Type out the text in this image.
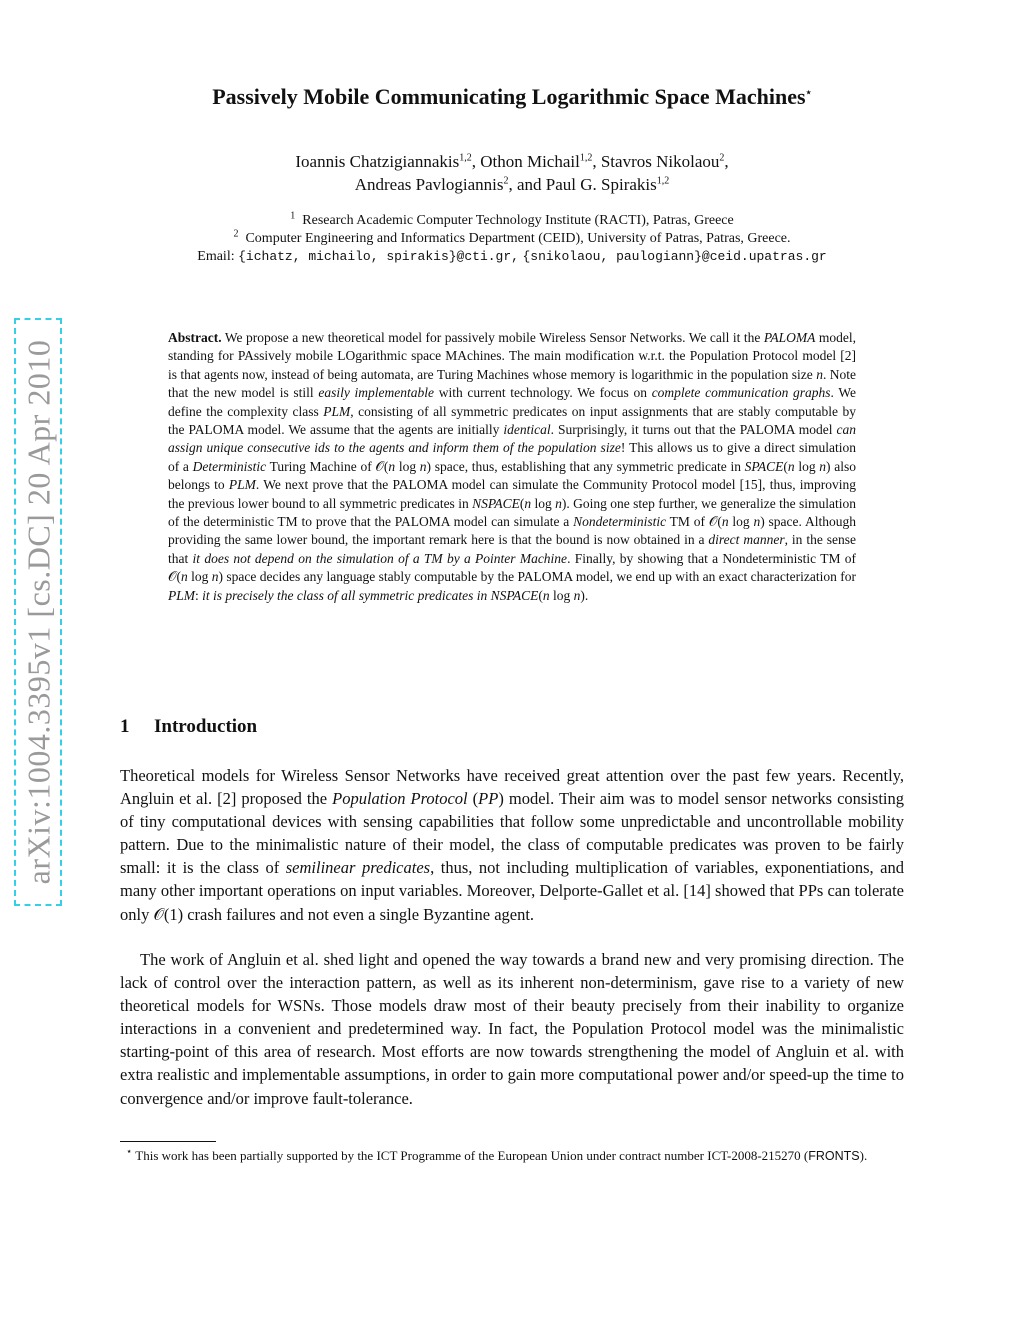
arXiv:1004.3395v1 [cs.DC] 20 Apr 2010
Passively Mobile Communicating Logarithmic Space Machines⋆
Ioannis Chatzigiannakis$^{1,2}$, Othon Michail$^{1,2}$, Stavros Nikolaou$^2$,
Andreas Pavlogiannis$^2$, and Paul G. Spirakis$^{1,2}$
$^1$ Research Academic Computer Technology Institute (RACTI), Patras, Greece
$^2$ Computer Engineering and Informatics Department (CEID), University of Patras, Patras, Greece.
Email: {ichatz, michailo, spirakis}@cti.gr, {snikolaou, paulogiann}@ceid.upatras.gr
Abstract. We propose a new theoretical model for passively mobile Wireless Sensor Networks. We call it the PALOMA model, standing for PAssively mobile LOgarithmic space MAchines. The main modification w.r.t. the Population Protocol model [2] is that agents now, instead of being automata, are Turing Machines whose memory is logarithmic in the population size n. Note that the new model is still easily implementable with current technology. We focus on complete communication graphs. We define the complexity class PLM, consisting of all symmetric predicates on input assignments that are stably computable by the PALOMA model. We assume that the agents are initially identical. Surprisingly, it turns out that the PALOMA model can assign unique consecutive ids to the agents and inform them of the population size! This allows us to give a direct simulation of a Deterministic Turing Machine of 𝒪(n log n) space, thus, establishing that any symmetric predicate in SPACE(n log n) also belongs to PLM. We next prove that the PALOMA model can simulate the Community Protocol model [15], thus, improving the previous lower bound to all symmetric predicates in NSPACE(n log n). Going one step further, we generalize the simulation of the deterministic TM to prove that the PALOMA model can simulate a Nondeterministic TM of 𝒪(n log n) space. Although providing the same lower bound, the important remark here is that the bound is now obtained in a direct manner, in the sense that it does not depend on the simulation of a TM by a Pointer Machine. Finally, by showing that a Nondeterministic TM of 𝒪(n log n) space decides any language stably computable by the PALOMA model, we end up with an exact characterization for PLM: it is precisely the class of all symmetric predicates in NSPACE(n log n).
1 Introduction
Theoretical models for Wireless Sensor Networks have received great attention over the past few years. Recently, Angluin et al. [2] proposed the Population Protocol (PP) model. Their aim was to model sensor networks consisting of tiny computational devices with sensing capabilities that follow some unpredictable and uncontrollable mobility pattern. Due to the minimalistic nature of their model, the class of computable predicates was proven to be fairly small: it is the class of semilinear predicates, thus, not including multiplication of variables, exponentiations, and many other important operations on input variables. Moreover, Delporte-Gallet et al. [14] showed that PPs can tolerate only 𝒪(1) crash failures and not even a single Byzantine agent.
The work of Angluin et al. shed light and opened the way towards a brand new and very promising direction. The lack of control over the interaction pattern, as well as its inherent non-determinism, gave rise to a variety of new theoretical models for WSNs. Those models draw most of their beauty precisely from their inability to organize interactions in a convenient and predetermined way. In fact, the Population Protocol model was the minimalistic starting-point of this area of research. Most efforts are now towards strengthening the model of Angluin et al. with extra realistic and implementable assumptions, in order to gain more computational power and/or speed-up the time to convergence and/or improve fault-tolerance.
⋆ This work has been partially supported by the ICT Programme of the European Union under contract number ICT-2008-215270 (FRONTS).
